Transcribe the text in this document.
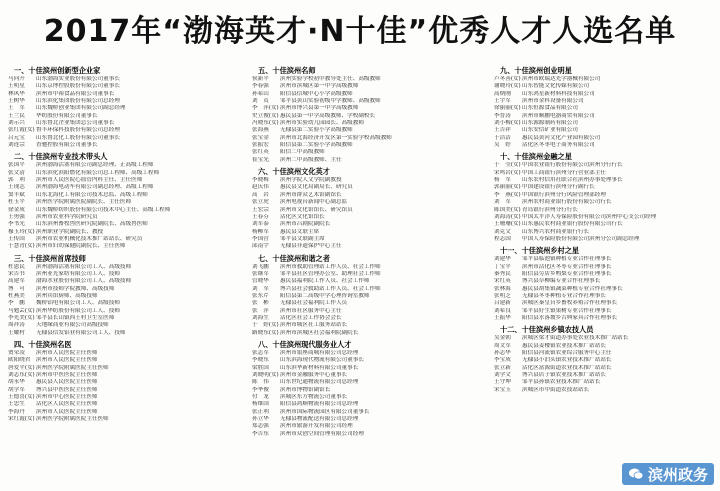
2017年“渤海英才·N十佳”优秀人才人选名单
一、十佳滨州创新型企业家
马向升	山东渤海实业股份有限公司董事长
王明星	山东京博控股股份有限公司董事长
林风华	滨州市中裕食品有限公司董事长
王树华	山东滨化集团股份有限公司总经理
王　军	山东魏桥创业集团有限公司副总经理
王兰民	华纺股份有限公司董事长
刘示兴	山东鲁北企业集团总公司董事长
张红霞(女) 鲁丰环保科技股份有限公司总经理
吕元宝	山东鲁北化工股份有限公司董事长
刘连宗	香驰控股有限公司董事长
二、十佳滨州专业技术带头人
张国平	滨州渤海活塞有限公司副总经理、正高级工程师
张文清	山东滨化滨阳燃化有限公司总工程师、高级工程师
郭　利	滨州市人民医院心血管内科主任、主任医师
王现志	滨州渤海电动车有限公司副总经理、高级工程师
窦丰斌	山东北海化工有限公司技术总监、高级工程师
杜玉平	滨州医学院附属医院副院长、主任医师
徐金成	山东魏桥纺织股份有限公司技术中心主任、高级工程师
王勇强	滨州市农业科学院研究员
李书光	山东滨州畜牧兽医研究院副院长、高级兽医师
穆玉玲(女) 滨州职业学院副院长、教授
王传国	滨州市农业机械化技术推广站站长、研究员
于慧青(女) 滨州市妇幼保健院副院长、主任医师
三、十佳滨州首席技师
杜恩民	滨州渤海活塞有限公司工人、高级技师
宋吉书	滨州亚光家纺有限公司工人、技师
高建军	渤海水业股份有限公司工人、高级技师
博　可	滨州市技师学院教师、高级技师
杜燕美	滨州宾馆厨师、高级技师
李　鹏	魏桥铝电有限公司工人、高级技师
马勉芸(女) 滨州华纺股份有限公司工人、技师
李光美(女) 邹平县长山镇西王村卫生室医师
周祥涛	天地缘商业有限公司高级技师
王耀村	无棣县信发铝业有限公司工人、技师
四、十佳滨州名医
贾荣凌	滨州市人民医院主任医师
欧阳晓君	滨州市人民医院主任医师
唐爱平(女) 滨州医学院附属医院主任医师
刘志东(女) 滨州市中医医院主任医师
胡永华	惠民县人民医院主任医师
胡学军	博兴县中医医院主任医师
王德喜(女) 滨州市中心医院主任医师
王忠生	沾化区人民医院主任医师
李海丹	滨州市人民医院主任医师
宋红霞(女) 滨州医学院附属医院主任医师
五、十佳滨州名师
侯新平	滨州实验学校初中教导处主任、高级教师
李春强	滨州市滨城区第一中学高级教师
孙希山	阳信县信城中心小学高级教师
刘　贞	邹平县黄山实验初级中学教师、高级教师
李　萍(女) 滨州市博兴县第一中学高级教师
史立俊(女) 惠民县第一中学高级教师、学校副校长
冯晓东(女) 滨州市实验幼儿园园长、高级教师
张海燕	无棣县第二实验小学高级教师
张宝金	滨州市北海经济开发区第一实验学校高级教师
张振宏	阳信县第二实验小学高级教师
张红英	阳信二中高级教师
崔宝光	滨州二中高级教师、主任
六、十佳滨州文化英才
李晓梅	滨州学院人文学院副教授
赵庆伟	惠民县文化局副局长、研究员
高　岩	滨州市群众艺术馆副馆长
张立虎	滨州电视台新闻中心副总监
王宏宗	滨州市文化馆馆长、研究馆员
王春芬	沾化区文化馆馆长
刘军泰	滨州市吕剧院副院长
杨柳军	惠民县文联主席
李国营	邹平县文联副主席
邱南宇	无棣县非遗保护中心主任
七、十佳滨州和谐之者
刘飞鹏	滨州市救助管理站工作人员、社会工作师
张继军	邹平县社区管理办公室、助理社会工作师
管晓华	惠民县福利院工作人员、社会工作师
刘　军	博兴县社会救助站工作人员、社会工作师
张东芹	阳信县第二高级中学心理咨询室教师
张　彬	无棣县社会福利院工作人员
张　萍	滨州市社区服务中心主任
刘海生	沾化区社会工作协会会长
于　婷(女) 滨州市城区社工服务站站长
路晓东(女) 滨州市滨城区社会福利院副院长
八、十佳滨州现代服务业人才
张志军	滨州市银座商城有限公司总经理
李晓东	山东滨海现代物流有限公司董事长
梁胜国	山东滨华新材料有限公司董事长
刘晓明(女) 滨州市金融服务中心董事长
陈　伟	山东世纪通物流有限公司总经理
李华俊	滨州市博物馆副馆长
付　龙	滨城区东方物流公司董事长
杨维国	阳信县鸿顺物流有限公司总经理
张正利	滨州市国际物流园区有限公司董事长
孙立华	无棣县物流配送有限公司总经理
郑志强	滨州市旅游开发有限公司经理
李吉东	滨州市众创空间管理有限公司经理
九、十佳滨州创业明星
卢冬善(女) 滨州市欧瑞达光学器械有限公司
谢晓玲(女) 山东智能文化传媒有限公司
高炳刚	山东鸿星新材料科技有限公司
王宇军	滨州市金科设备有限公司
徐丽丽(女) 山东恒源食品有限公司
李晋涛	滨州市顺鹏电器商贸有限公司
刘小梅(女) 山东源源制药有限公司
王吉祥	山东安信矿业有限公司
于洁洁	惠民县黄河文化产业园有限公司
吴　婷	沾化区冬枣电子商务有限公司
十、十佳滨州金融之星
于　莹(女) 中国农业银行股份有限公司滨州分行行长
宋鸣岩(女) 中国工商银行滨州分行营业部主任
杨　军	山东农村信用社联合社滨州办事处理事长
郭丽丽(女) 中国建设银行滨州分行副行长
李　燕(女) 中国银行滨州分行风险管理部经理
刘　军	滨州农村商业银行股份有限公司行长
陈国美(女) 青岛银行滨州分行行长
刘海涛(女) 中国太平洋人寿保险股份有限公司滨州中心支公司经理
王珊珊(女) 山东惠民农村商业银行股份有限公司行长
刘克文	山东博兴农村商业银行行长
程志国	中国人寿保险股份有限公司滨州分公司副总经理
十一、十佳滨州乡村之星
刘建华	邹平县临池镇种植专业合作社理事长
丁宝平	滨州市沾化区冬枣专业合作社理事长
秦秀民	阳信县劳店乡鸭梨专业合作社理事长
宋红英	博兴县草柳编专业合作社理事长
张林海	惠民县胡集镇蔬菜种植专业合作社理事长
张明芝	无棣县冬枣种植专业合作社理事长
吕建新	滨城区秦皇台乡畜牧养殖合作社理事长
刘希良	邹平县好生镇果树专业合作社理事长
王振华	阳信县水落坡乡古典家具合作社理事长
十二、十佳滨州乡镇农技人员
吴金朝	滨城区梁才街道办事处农业技术推广站站长
周文军	惠民县姜楼镇农业技术推广站站长
孙志华	阳信县河流镇农业综合服务中心主任
李宝成	无棣县小泊头镇农业技术推广站站长
张立新	沾化区富源街道农业技术推广站站长
刘学文	博兴县店子镇农业技术推广站站长
王守坤	邹平县孙镇农业技术推广站站长
宋宝玉	滨城区市中街道农技站站长
滨州政务
